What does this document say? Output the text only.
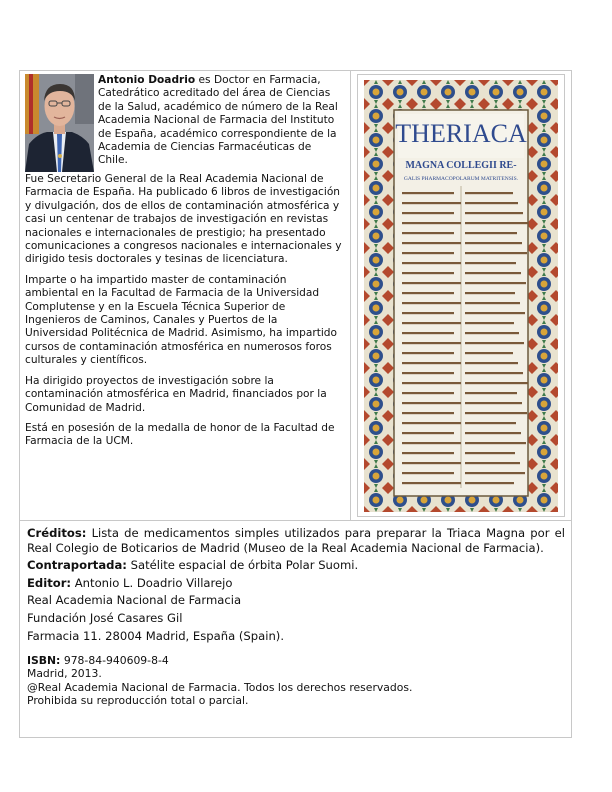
Antonio Doadrio es Doctor en Farmacia, Catedrático acreditado del área de Ciencias de la Salud, académico de número de la Real Academia Nacional de Farmacia del Instituto de España, académico correspondiente de la Academia de Ciencias Farmacéuticas de Chile.

Fue Secretario General de la Real Academia Nacional de Farmacia de España. Ha publicado 6 libros de investigación y divulgación, dos de ellos de contaminación atmosférica y casi un centenar de trabajos de investigación en revistas nacionales e internacionales de prestigio; ha presentado comunicaciones a congresos nacionales e internacionales y dirigido tesis doctorales y tesinas de licenciatura.

Imparte o ha impartido master de contaminación ambiental en la Facultad de Farmacia de la Universidad Complutense y en la Escuela Técnica Superior de Ingenieros de Caminos, Canales y Puertos de la Universidad Politécnica de Madrid. Asimismo, ha impartido cursos de contaminación atmosférica en numerosos foros culturales y científicos.

Ha dirigido proyectos de investigación sobre la contaminación atmosférica en Madrid, financiados por la Comunidad de Madrid.

Está en posesión de la medalla de honor de la Facultad de Farmacia de la UCM.

THERIACA
MAGNA COLLEGII RE-
GALIS PHARMACOPOLARUM MATRITENSIS.

Créditos: Lista de medicamentos simples utilizados para preparar la Triaca Magna por el Real Colegio de Boticarios de Madrid (Museo de la Real Academia Nacional de Farmacia).

Contraportada: Satélite espacial de órbita Polar Suomi.

Editor: Antonio L. Doadrio Villarejo

Real Academia Nacional de Farmacia

Fundación José Casares Gil

Farmacia 11. 28004 Madrid, España (Spain).

ISBN: 978-84-940609-8-4

Madrid, 2013.

@Real Academia Nacional de Farmacia. Todos los derechos reservados.

Prohibida su reproducción total o parcial.
